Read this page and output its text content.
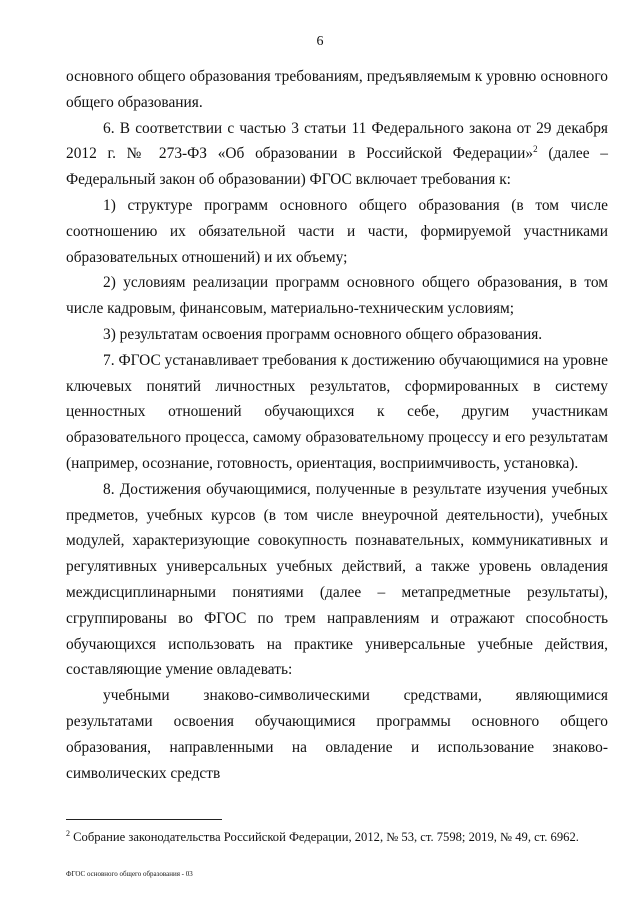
6

основного общего образования требованиям, предъявляемым к уровню основного общего образования.

6. В соответствии с частью 3 статьи 11 Федерального закона от 29 декабря 2012 г. № 273-ФЗ «Об образовании в Российской Федерации»$^2$ (далее – Федеральный закон об образовании) ФГОС включает требования к:

1) структуре программ основного общего образования (в том числе соотношению их обязательной части и части, формируемой участниками образовательных отношений) и их объему;

2) условиям реализации программ основного общего образования, в том числе кадровым, финансовым, материально-техническим условиям;

3) результатам освоения программ основного общего образования.

7. ФГОС устанавливает требования к достижению обучающимися на уровне ключевых понятий личностных результатов, сформированных в систему ценностных отношений обучающихся к себе, другим участникам образовательного процесса, самому образовательному процессу и его результатам (например, осознание, готовность, ориентация, восприимчивость, установка).

8. Достижения обучающимися, полученные в результате изучения учебных предметов, учебных курсов (в том числе внеурочной деятельности), учебных модулей, характеризующие совокупность познавательных, коммуникативных и регулятивных универсальных учебных действий, а также уровень овладения междисциплинарными понятиями (далее – метапредметные результаты), сгруппированы во ФГОС по трем направлениям и отражают способность обучающихся использовать на практике универсальные учебные действия, составляющие умение овладевать:

учебными знаково-символическими средствами, являющимися результатами освоения обучающимися программы основного общего образования, направленными на овладение и использование знаково-символических средств

$^2$ Собрание законодательства Российской Федерации, 2012, № 53, ст. 7598; 2019, № 49, ст. 6962.
ФГОС основного общего образования - 03
